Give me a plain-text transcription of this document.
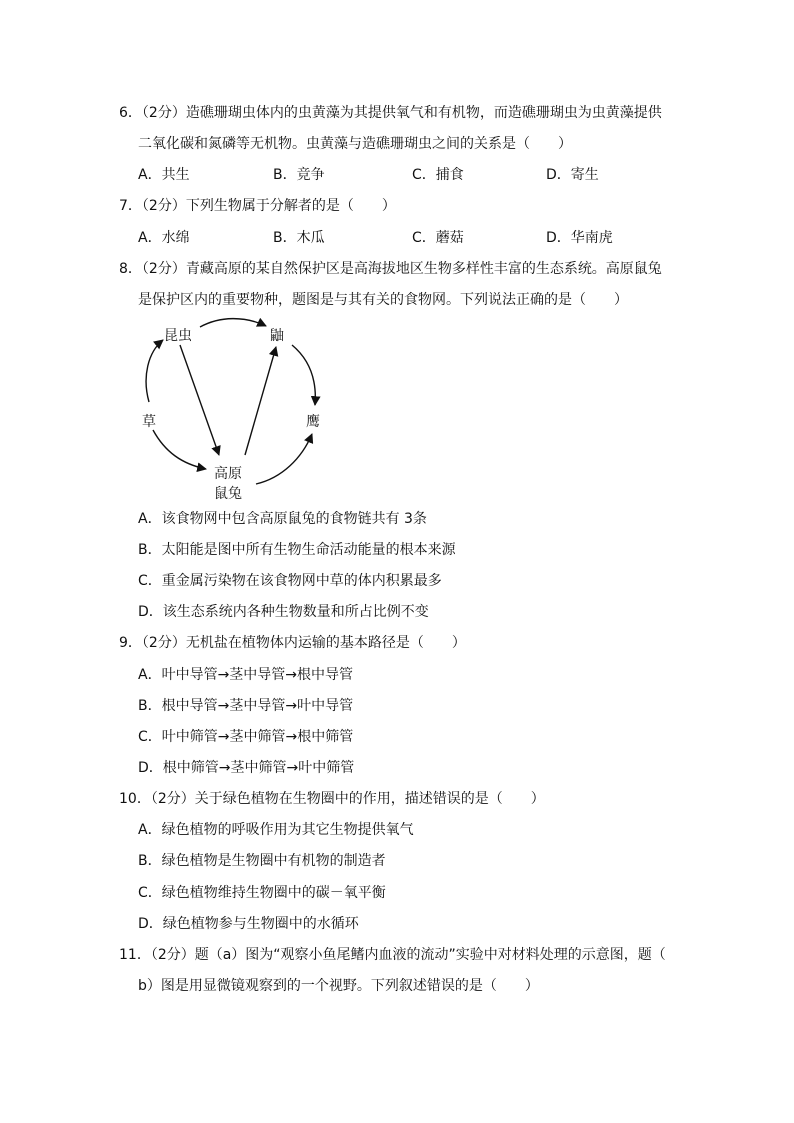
6．（2分）造礁珊瑚虫体内的虫黄藻为其提供氧气和有机物，而造礁珊瑚虫为虫黄藻提供
二氧化碳和氮磷等无机物。虫黄藻与造礁珊瑚虫之间的关系是（　　）
A．共生	B．竞争	C．捕食	D．寄生
7．（2分）下列生物属于分解者的是（　　）
A．水绵	B．木瓜	C．蘑菇	D．华南虎
8．（2分）青藏高原的某自然保护区是高海拔地区生物多样性丰富的生态系统。高原鼠兔
是保护区内的重要物种，题图是与其有关的食物网。下列说法正确的是（　　）
昆虫	鼬
草	鹰
高原
鼠兔
A．该食物网中包含高原鼠兔的食物链共有 3条
B．太阳能是图中所有生物生命活动能量的根本来源
C．重金属污染物在该食物网中草的体内积累最多
D．该生态系统内各种生物数量和所占比例不变
9．（2分）无机盐在植物体内运输的基本路径是（　　）
A．叶中导管→茎中导管→根中导管
B．根中导管→茎中导管→叶中导管
C．叶中筛管→茎中筛管→根中筛管
D．根中筛管→茎中筛管→叶中筛管
10．（2分）关于绿色植物在生物圈中的作用，描述错误的是（　　）
A．绿色植物的呼吸作用为其它生物提供氧气
B．绿色植物是生物圈中有机物的制造者
C．绿色植物维持生物圈中的碳－氧平衡
D．绿色植物参与生物圈中的水循环
11．（2分）题（a）图为“观察小鱼尾鳍内血液的流动”实验中对材料处理的示意图，题（
b）图是用显微镜观察到的一个视野。下列叙述错误的是（　　）
